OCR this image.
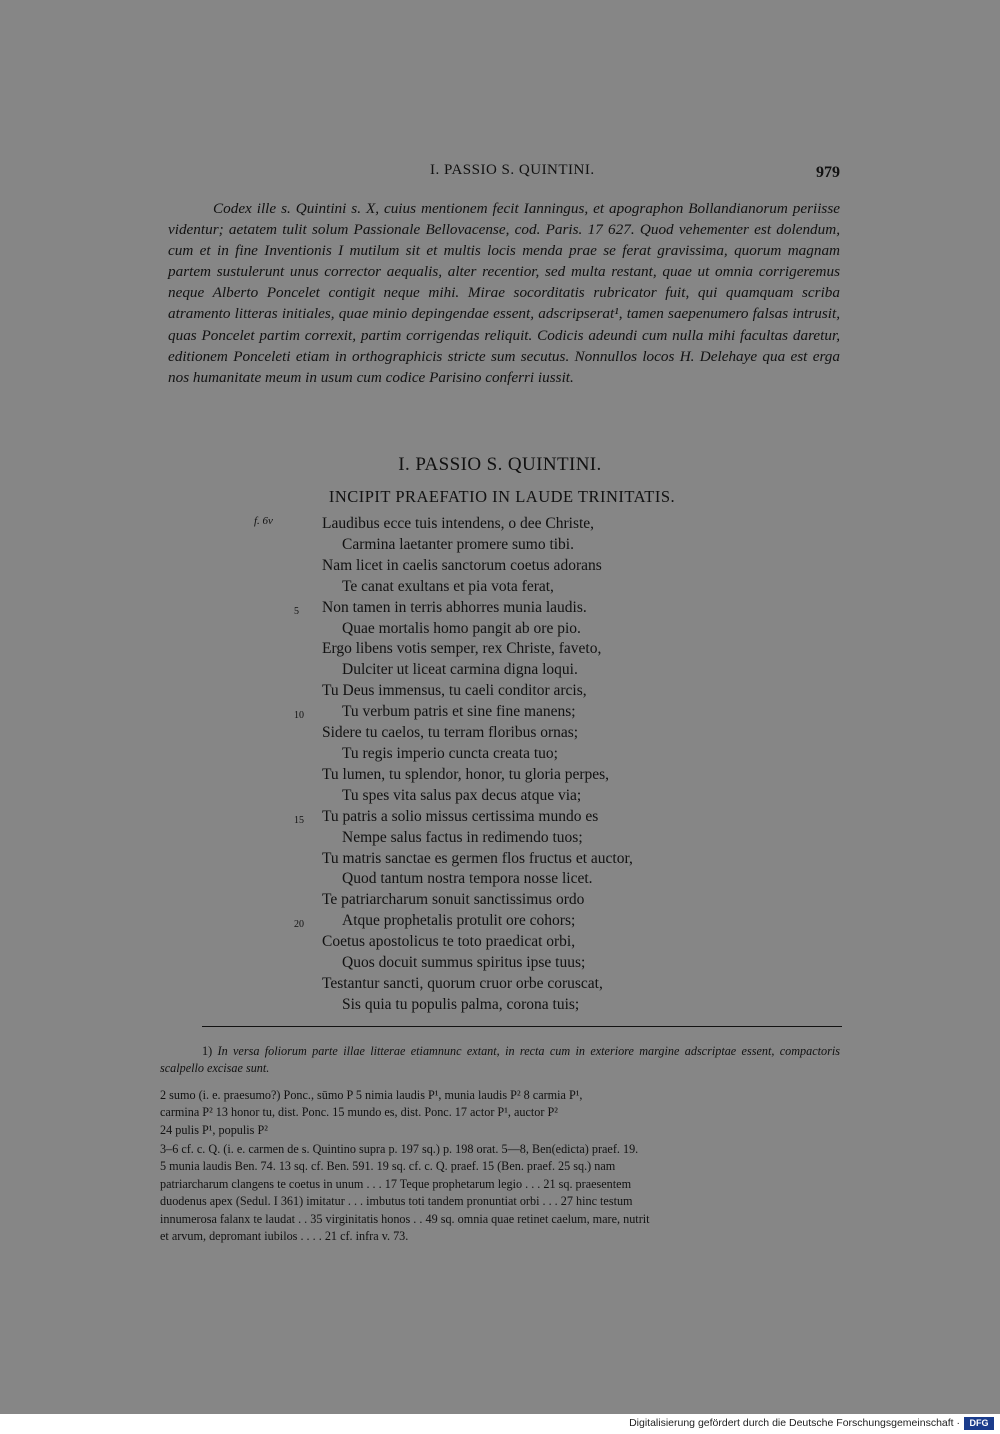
I. PASSIO S. QUINTINI.	979
Codex ille s. Quintini s. X, cuius mentionem fecit Ianningus, et apographon Bollandianorum periisse videntur; aetatem tulit solum Passionale Bellovacense, cod. Paris. 17 627. Quod vehementer est dolendum, cum et in fine Inventionis I mutilum sit et multis locis menda prae se ferat gravissima, quorum magnam partem sustulerunt unus corrector aequalis, alter recentior, sed multa restant, quae ut omnia corrigeremus neque Alberto Poncelet contigit neque mihi. Mirae socorditatis rubricator fuit, qui quamquam scriba atramento litteras initiales, quae minio depingendae essent, adscripserat¹, tamen saepenumero falsas intrusit, quas Poncelet partim correxit, partim corrigendas reliquit. Codicis adeundi cum nulla mihi facultas daretur, editionem Ponceleti etiam in orthographicis stricte sum secutus. Nonnullos locos H. Delehaye qua est erga nos humanitate meum in usum cum codice Parisino conferri iussit.
I. PASSIO S. QUINTINI.
INCIPIT PRAEFATIO IN LAUDE TRINITATIS.
f. 6v	Laudibus ecce tuis intendens, o dee Christe,
Carmina laetanter promere sumo tibi.
Nam licet in caelis sanctorum coetus adorans
Te canat exultans et pia vota ferat,
5 Non tamen in terris abhorres munia laudis.
Quae mortalis homo pangit ab ore pio.
Ergo libens votis semper, rex Christe, faveto,
Dulciter ut liceat carmina digna loqui.
Tu Deus immensus, tu caeli conditor arcis,
10 Tu verbum patris et sine fine manens;
Sidere tu caelos, tu terram floribus ornas;
Tu regis imperio cuncta creata tuo;
Tu lumen, tu splendor, honor, tu gloria perpes,
Tu spes vita salus pax decus atque via;
15 Tu patris a solio missus certissima mundo es
Nempe salus factus in redimendo tuos;
Tu matris sanctae es germen flos fructus et auctor,
Quod tantum nostra tempora nosse licet.
Te patriarcharum sonuit sanctissimus ordo
20 Atque prophetalis protulit ore cohors;
Coetus apostolicus te toto praedicat orbi,
Quos docuit summus spiritus ipse tuus;
Testantur sancti, quorum cruor orbe coruscat,
Sis quia tu populis palma, corona tuis;
1) In versa foliorum parte illae litterae etiamnunc extant, in recta cum in exteriore margine adscriptae essent, compactoris scalpello excisae sunt.
2 sumo (i. e. praesumo?) Ponc., sūmo P 5 nimia laudis P¹, munia laudis P² 8 carmia P¹,
carmina P² 13 honor tu, dist. Ponc. 15 mundo es, dist. Ponc. 17 actor P¹, auctor P²
24 pulis P¹, populis P²
3–6 cf. c. Q. (i. e. carmen de s. Quintino supra p. 197 sq.) p. 198 orat. 5—8, Ben(edicta) praef. 19.
5 munia laudis Ben. 74. 13 sq. cf. Ben. 591. 19 sq. cf. c. Q. praef. 15 (Ben. praef. 25 sq.) nam
patriarcharum clangens te coetus in unum . . . 17 Teque prophetarum legio . . . 21 sq. praesentem
duodenus apex (Sedul. I 361) imitatur . . . imbutus toti tandem pronuntiat orbi . . . 27 hinc testum
innumerosa falanx te laudat . . 35 virginitatis honos . . 49 sq. omnia quae retinet caelum, mare, nutrit
et arvum, depromant iubilos . . . . 21 cf. infra v. 73.
Digitalisierung gefördert durch die Deutsche Forschungsgemeinschaft ·	DFG
